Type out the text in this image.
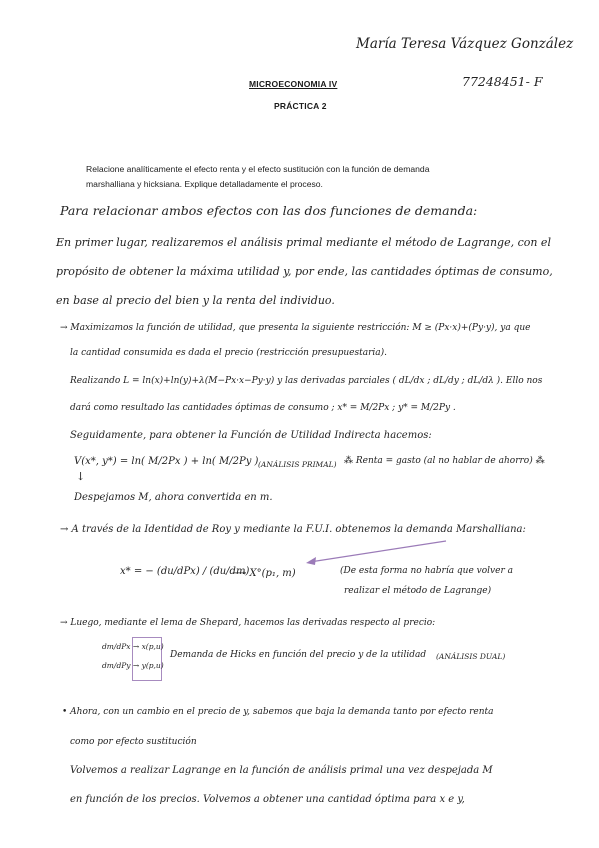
María Teresa Vázquez González
77248451- F
MICROECONOMIA IV
PRÁCTICA 2
Relacione analíticamente el efecto renta y el efecto sustitución con la función de demanda
marshalliana y hicksiana. Explique detalladamente el proceso.
Para relacionar ambos efectos con las dos funciones de demanda:
En primer lugar, realizaremos el análisis primal mediante el método de Lagrange, con el
propósito de obtener la máxima utilidad y, por ende, las cantidades óptimas de consumo,
en base al precio del bien y la renta del individuo.
→ Maximizamos la función de utilidad, que presenta la siguiente restricción: M ≥ (Px·x)+(Py·y), ya que
la cantidad consumida es dada el precio (restricción presupuestaria).
Realizando L = ln(x)+ln(y)+λ(M−Px·x−Py·y) y las derivadas parciales ( dL/dx ; dL/dy ; dL/dλ ). Ello nos
dará como resultado las cantidades óptimas de consumo ; x* = M/2Px ; y* = M/2Py .
Seguidamente, para obtener la Función de Utilidad Indirecta hacemos:
V(x*, y*) = ln( M/2Px ) + ln( M/2Py ) (ANÁLISIS PRIMAL) ⁂ Renta = gasto (al no hablar de ahorro) ⁂
↓
Despejamos M, ahora convertida en m.
→ A través de la Identidad de Roy y mediante la F.U.I. obtenemos la demanda Marshalliana:
x* = − (du/dPx) / (du/dm)
⟶ X°(p₁, m)	(De esta forma no habría que volver a
realizar el método de Lagrange)
→ Luego, mediante el lema de Shepard, hacemos las derivadas respecto al precio:
dm/dPx → x(p,u)
dm/dPy → y(p,u)
Demanda de Hicks en función del precio y de la utilidad (ANÁLISIS DUAL)
• Ahora, con un cambio en el precio de y, sabemos que baja la demanda tanto por efecto renta
como por efecto sustitución
Volvemos a realizar Lagrange en la función de análisis primal una vez despejada M
en función de los precios. Volvemos a obtener una cantidad óptima para x e y,
